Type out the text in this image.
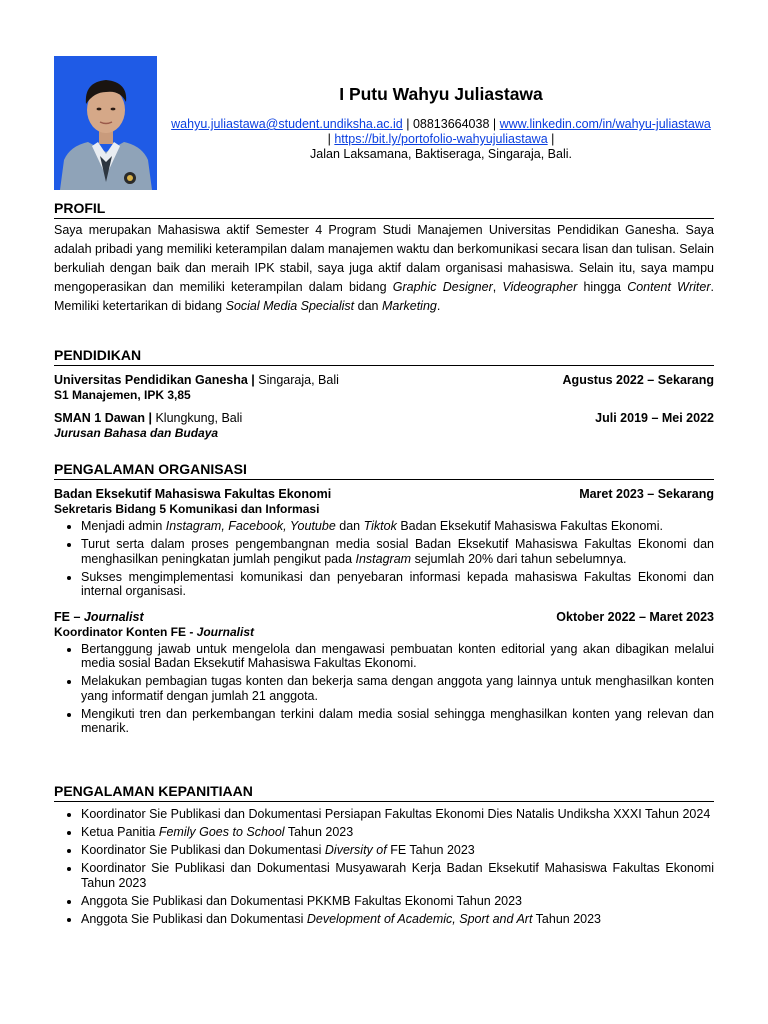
I Putu Wahyu Juliastawa
wahyu.juliastawa@student.undiksha.ac.id | 08813664038 | www.linkedin.com/in/wahyu-juliastawa | https://bit.ly/portofolio-wahyujuliastawa |
Jalan Laksamana, Baktiseraga, Singaraja, Bali.
PROFIL
Saya merupakan Mahasiswa aktif Semester 4 Program Studi Manajemen Universitas Pendidikan Ganesha. Saya adalah pribadi yang memiliki keterampilan dalam manajemen waktu dan berkomunikasi secara lisan dan tulisan. Selain berkuliah dengan baik dan meraih IPK stabil, saya juga aktif dalam organisasi mahasiswa. Selain itu, saya mampu mengoperasikan dan memiliki keterampilan dalam bidang Graphic Designer, Videographer hingga Content Writer. Memiliki ketertarikan di bidang Social Media Specialist dan Marketing.
PENDIDIKAN
Universitas Pendidikan Ganesha | Singaraja, Bali	Agustus 2022 – Sekarang
S1 Manajemen, IPK 3,85
SMAN 1 Dawan | Klungkung, Bali	Juli 2019 – Mei 2022
Jurusan Bahasa dan Budaya
PENGALAMAN ORGANISASI
Badan Eksekutif Mahasiswa Fakultas Ekonomi	Maret 2023 – Sekarang
Sekretaris Bidang 5 Komunikasi dan Informasi
• Menjadi admin Instagram, Facebook, Youtube dan Tiktok Badan Eksekutif Mahasiswa Fakultas Ekonomi.
• Turut serta dalam proses pengembangnan media sosial Badan Eksekutif Mahasiswa Fakultas Ekonomi dan menghasilkan peningkatan jumlah pengikut pada Instagram sejumlah 20% dari tahun sebelumnya.
• Sukses mengimplementasi komunikasi dan penyebaran informasi kepada mahasiswa Fakultas Ekonomi dan internal organisasi.
FE – Journalist	Oktober 2022 – Maret 2023
Koordinator Konten FE - Journalist
• Bertanggung jawab untuk mengelola dan mengawasi pembuatan konten editorial yang akan dibagikan melalui media sosial Badan Eksekutif Mahasiswa Fakultas Ekonomi.
• Melakukan pembagian tugas konten dan bekerja sama dengan anggota yang lainnya untuk menghasilkan konten yang informatif dengan jumlah 21 anggota.
• Mengikuti tren dan perkembangan terkini dalam media sosial sehingga menghasilkan konten yang relevan dan menarik.
PENGALAMAN KEPANITIAAN
• Koordinator Sie Publikasi dan Dokumentasi Persiapan Fakultas Ekonomi Dies Natalis Undiksha XXXI Tahun 2024
• Ketua Panitia Femily Goes to School Tahun 2023
• Koordinator Sie Publikasi dan Dokumentasi Diversity of FE Tahun 2023
• Koordinator Sie Publikasi dan Dokumentasi Musyawarah Kerja Badan Eksekutif Mahasiswa Fakultas Ekonomi Tahun 2023
• Anggota Sie Publikasi dan Dokumentasi PKKMB Fakultas Ekonomi Tahun 2023
• Anggota Sie Publikasi dan Dokumentasi Development of Academic, Sport and Art Tahun 2023
